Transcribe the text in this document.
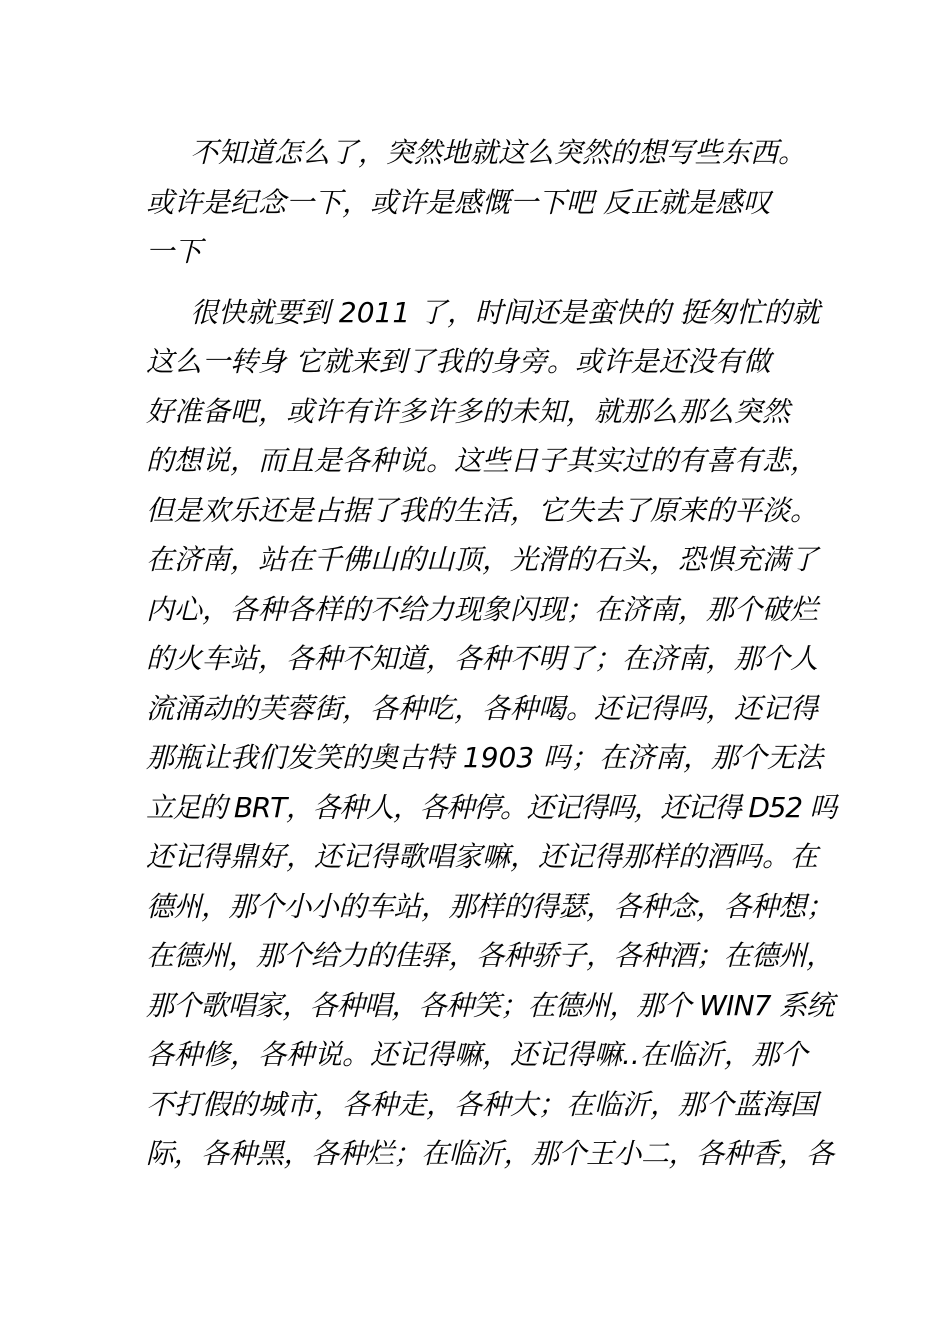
不知道怎么了，突然地就这么突然的想写些东西。
或许是纪念一下，或许是感慨一下吧 反正就是感叹
一下

很快就要到 2011 了，时间还是蛮快的 挺匆忙的就
这么一转身 它就来到了我的身旁。或许是还没有做
好准备吧，或许有许多许多的未知，就那么那么突然
的想说，而且是各种说。这些日子其实过的有喜有悲，
但是欢乐还是占据了我的生活，它失去了原来的平淡。
在济南，站在千佛山的山顶，光滑的石头，恐惧充满了
内心，各种各样的不给力现象闪现；在济南，那个破烂
的火车站，各种不知道，各种不明了；在济南，那个人
流涌动的芙蓉街，各种吃，各种喝。还记得吗，还记得
那瓶让我们发笑的奥古特 1903 吗；在济南，那个无法
立足的 BRT，各种人，各种停。还记得吗，还记得 D52 吗
还记得鼎好，还记得歌唱家嘛，还记得那样的酒吗。在
德州，那个小小的车站，那样的得瑟，各种念，各种想；
在德州，那个给力的佳驿，各种骄子，各种酒；在德州，
那个歌唱家，各种唱，各种笑；在德州，那个 WIN7 系统
各种修，各种说。还记得嘛，还记得嘛..在临沂，那个
不打假的城市，各种走，各种大；在临沂，那个蓝海国
际，各种黑，各种烂；在临沂，那个王小二，各种香，各
